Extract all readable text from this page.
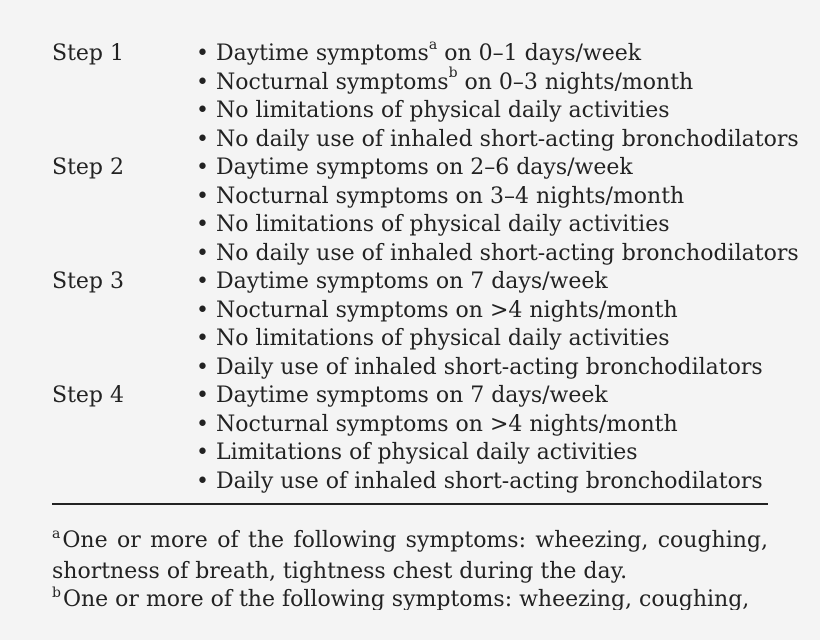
Step 1	• Daytime symptoms$^a$ on 0–1 days/week
• Nocturnal symptoms$^b$ on 0–3 nights/month
• No limitations of physical daily activities
• No daily use of inhaled short-acting bronchodilators
Step 2	• Daytime symptoms on 2–6 days/week
• Nocturnal symptoms on 3–4 nights/month
• No limitations of physical daily activities
• No daily use of inhaled short-acting bronchodilators
Step 3	• Daytime symptoms on 7 days/week
• Nocturnal symptoms on >4 nights/month
• No limitations of physical daily activities
• Daily use of inhaled short-acting bronchodilators
Step 4	• Daytime symptoms on 7 days/week
• Nocturnal symptoms on >4 nights/month
• Limitations of physical daily activities
• Daily use of inhaled short-acting bronchodilators

$^a$One or more of the following symptoms: wheezing, coughing, shortness of breath, tightness chest during the day.

$^b$One or more of the following symptoms: wheezing, coughing,
